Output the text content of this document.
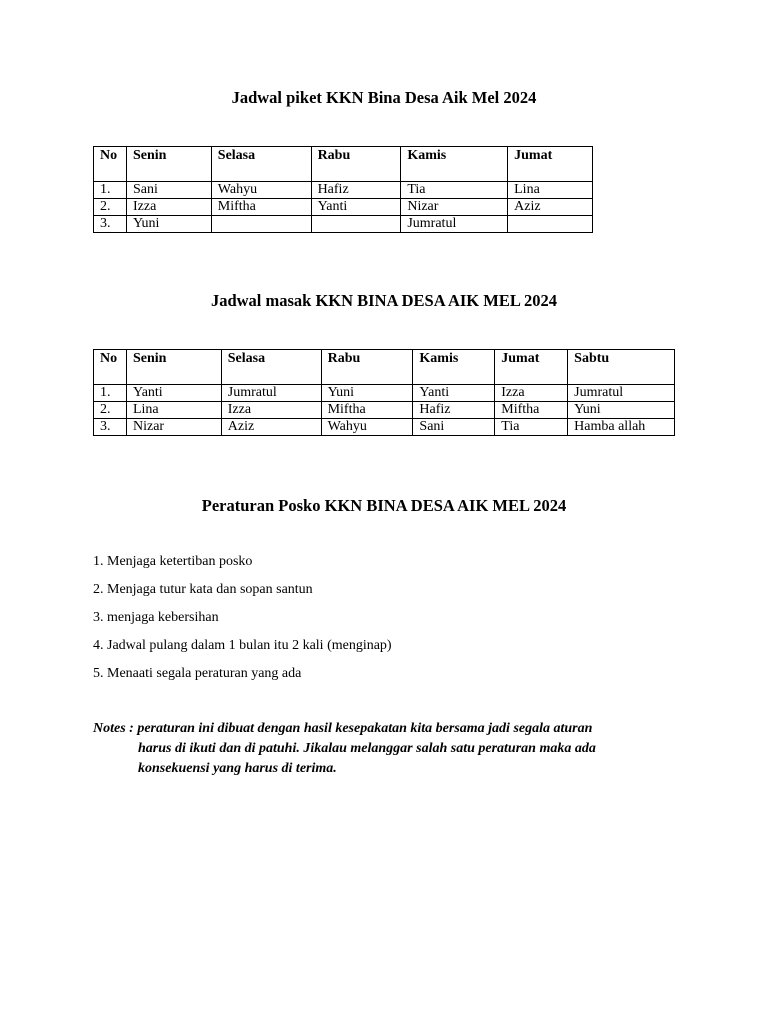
Jadwal piket KKN Bina Desa Aik Mel 2024
No	Senin	Selasa	Rabu	Kamis	Jumat
1.	Sani	Wahyu	Hafiz	Tia	Lina
2.	Izza	Miftha	Yanti	Nizar	Aziz
3.	Yuni			Jumratul	
Jadwal masak KKN BINA DESA AIK MEL 2024
No	Senin	Selasa	Rabu	Kamis	Jumat	Sabtu
1.	Yanti	Jumratul	Yuni	Yanti	Izza	Jumratul
2.	Lina	Izza	Miftha	Hafiz	Miftha	Yuni
3.	Nizar	Aziz	Wahyu	Sani	Tia	Hamba allah
Peraturan Posko KKN BINA DESA AIK MEL 2024
1. Menjaga ketertiban posko
2. Menjaga tutur kata dan sopan santun
3. menjaga kebersihan
4. Jadwal pulang dalam 1 bulan itu 2 kali (menginap)
5. Menaati segala peraturan yang ada
Notes : peraturan ini dibuat dengan hasil kesepakatan kita bersama jadi segala aturan
harus di ikuti dan di patuhi. Jikalau melanggar salah satu peraturan maka ada
konsekuensi yang harus di terima.
